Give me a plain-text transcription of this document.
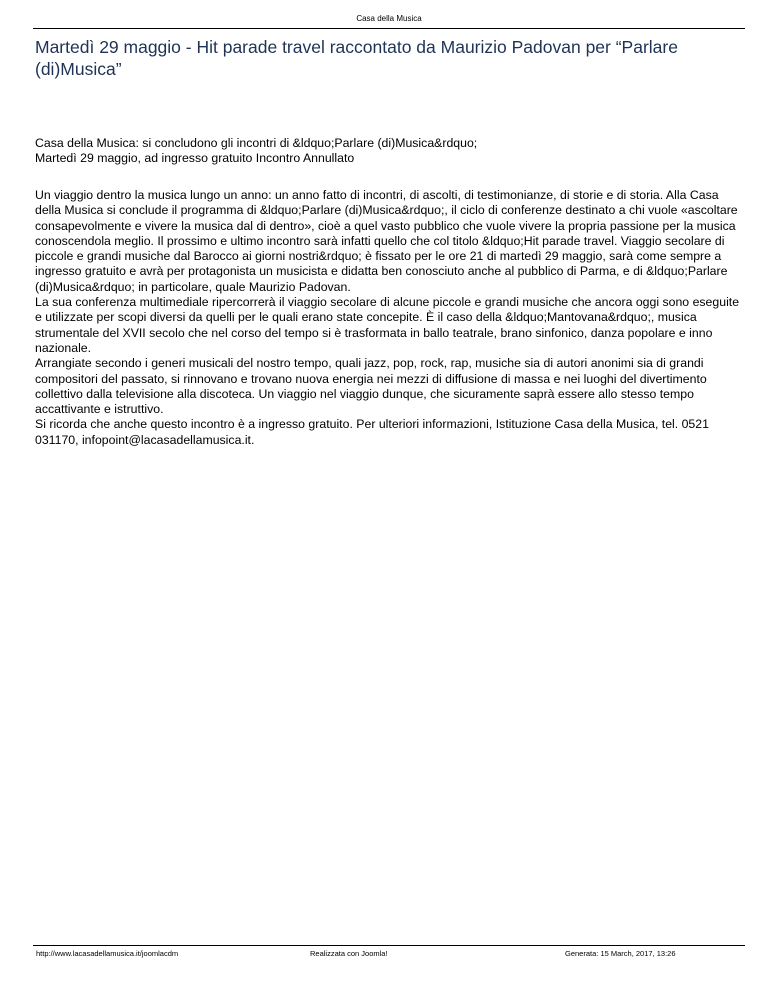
Casa della Musica
Martedì 29 maggio - Hit parade travel raccontato da Maurizio Padovan per “Parlare (di)Musica”

Casa della Musica: si concludono gli incontri di &ldquo;Parlare (di)Musica&rdquo;

Martedì 29 maggio, ad ingresso gratuito Incontro Annullato

Un viaggio dentro la musica lungo un anno: un anno fatto di incontri, di ascolti, di testimonianze, di storie e di storia. Alla Casa della Musica si conclude il programma di &ldquo;Parlare (di)Musica&rdquo;, il ciclo di conferenze destinato a chi vuole «ascoltare consapevolmente e vivere la musica dal di dentro», cioè a quel vasto pubblico che vuole vivere la propria passione per la musica conoscendola meglio. Il prossimo e ultimo incontro sarà infatti quello che col titolo &ldquo;Hit parade travel. Viaggio secolare di piccole e grandi musiche dal Barocco ai giorni nostri&rdquo; è fissato per le ore 21 di martedì 29 maggio, sarà come sempre a ingresso gratuito e avrà per protagonista un musicista e didatta ben conosciuto anche al pubblico di Parma, e di &ldquo;Parlare (di)Musica&rdquo; in particolare, quale Maurizio Padovan.

La sua conferenza multimediale ripercorrerà il viaggio secolare di alcune piccole e grandi musiche che ancora oggi sono eseguite e utilizzate per scopi diversi da quelli per le quali erano state concepite. È il caso della &ldquo;Mantovana&rdquo;, musica strumentale del XVII secolo che nel corso del tempo si è trasformata in ballo teatrale, brano sinfonico, danza popolare e inno nazionale.

Arrangiate secondo i generi musicali del nostro tempo, quali jazz, pop, rock, rap, musiche sia di autori anonimi sia di grandi compositori del passato, si rinnovano e trovano nuova energia nei mezzi di diffusione di massa e nei luoghi del divertimento collettivo dalla televisione alla discoteca. Un viaggio nel viaggio dunque, che sicuramente saprà essere allo stesso tempo accattivante e istruttivo.

Si ricorda che anche questo incontro è a ingresso gratuito. Per ulteriori informazioni, Istituzione Casa della Musica, tel. 0521 031170, infopoint@lacasadellamusica.it.

http://www.lacasadellamusica.it/joomlacdm	Realizzata con Joomla!	Generata: 15 March, 2017, 13:26
